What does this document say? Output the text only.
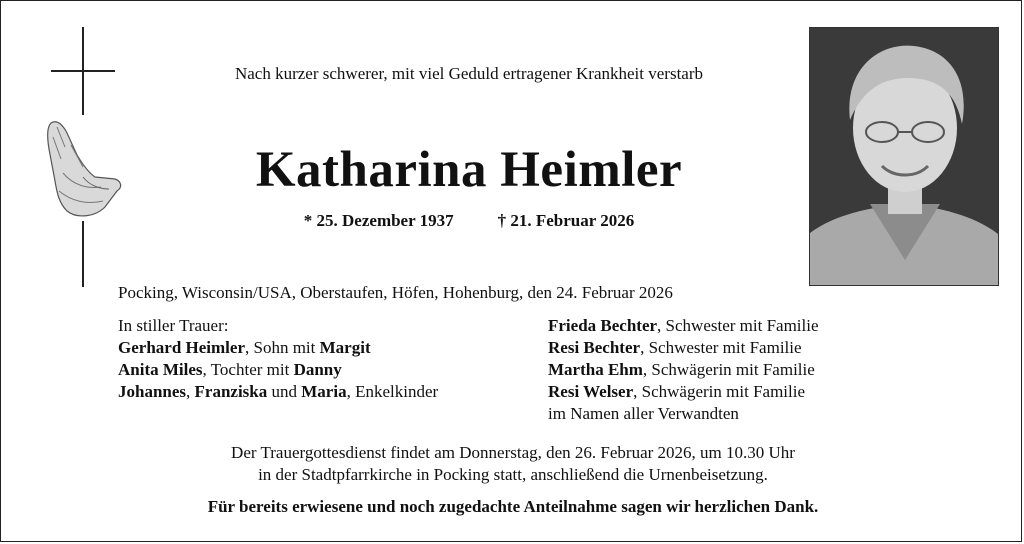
Nach kurzer schwerer, mit viel Geduld ertragener Krankheit verstarb
Katharina Heimler
* 25. Dezember 1937	† 21. Februar 2026
Pocking, Wisconsin/USA, Oberstaufen, Höfen, Hohenburg, den 24. Februar 2026
In stiller Trauer:
Gerhard Heimler, Sohn mit Margit
Anita Miles, Tochter mit Danny
Johannes, Franziska und Maria, Enkelkinder
Frieda Bechter, Schwester mit Familie
Resi Bechter, Schwester mit Familie
Martha Ehm, Schwägerin mit Familie
Resi Welser, Schwägerin mit Familie
im Namen aller Verwandten
Der Trauergottesdienst findet am Donnerstag, den 26. Februar 2026, um 10.30 Uhr
in der Stadtpfarrkirche in Pocking statt, anschließend die Urnenbeisetzung.
Für bereits erwiesene und noch zugedachte Anteilnahme sagen wir herzlichen Dank.
